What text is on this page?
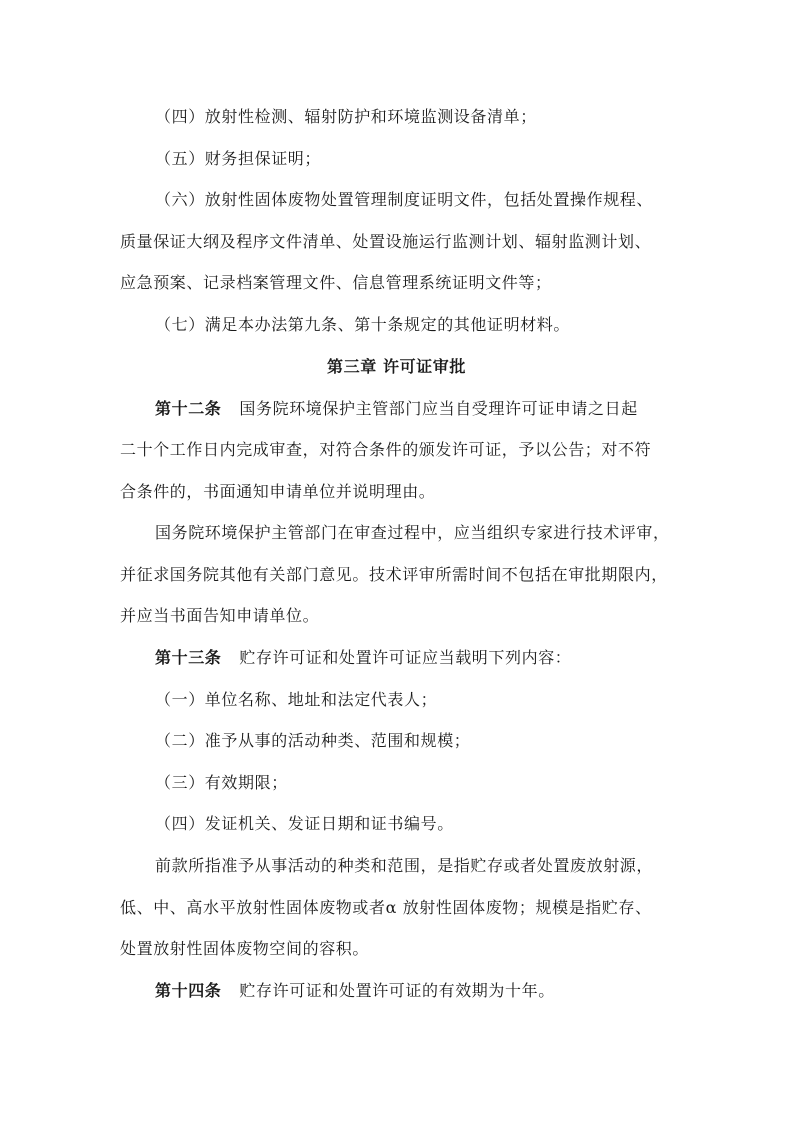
（四）放射性检测、辐射防护和环境监测设备清单；
（五）财务担保证明；
（六）放射性固体废物处置管理制度证明文件，包括处置操作规程、
质量保证大纲及程序文件清单、处置设施运行监测计划、辐射监测计划、
应急预案、记录档案管理文件、信息管理系统证明文件等；
（七）满足本办法第九条、第十条规定的其他证明材料。
第三章 许可证审批
第十二条 国务院环境保护主管部门应当自受理许可证申请之日起
二十个工作日内完成审查，对符合条件的颁发许可证，予以公告；对不符
合条件的，书面通知申请单位并说明理由。
国务院环境保护主管部门在审查过程中，应当组织专家进行技术评审，
并征求国务院其他有关部门意见。技术评审所需时间不包括在审批期限内，
并应当书面告知申请单位。
第十三条 贮存许可证和处置许可证应当载明下列内容：
（一）单位名称、地址和法定代表人；
（二）准予从事的活动种类、范围和规模；
（三）有效期限；
（四）发证机关、发证日期和证书编号。
前款所指准予从事活动的种类和范围，是指贮存或者处置废放射源，
低、中、高水平放射性固体废物或者α 放射性固体废物；规模是指贮存、
处置放射性固体废物空间的容积。
第十四条 贮存许可证和处置许可证的有效期为十年。
